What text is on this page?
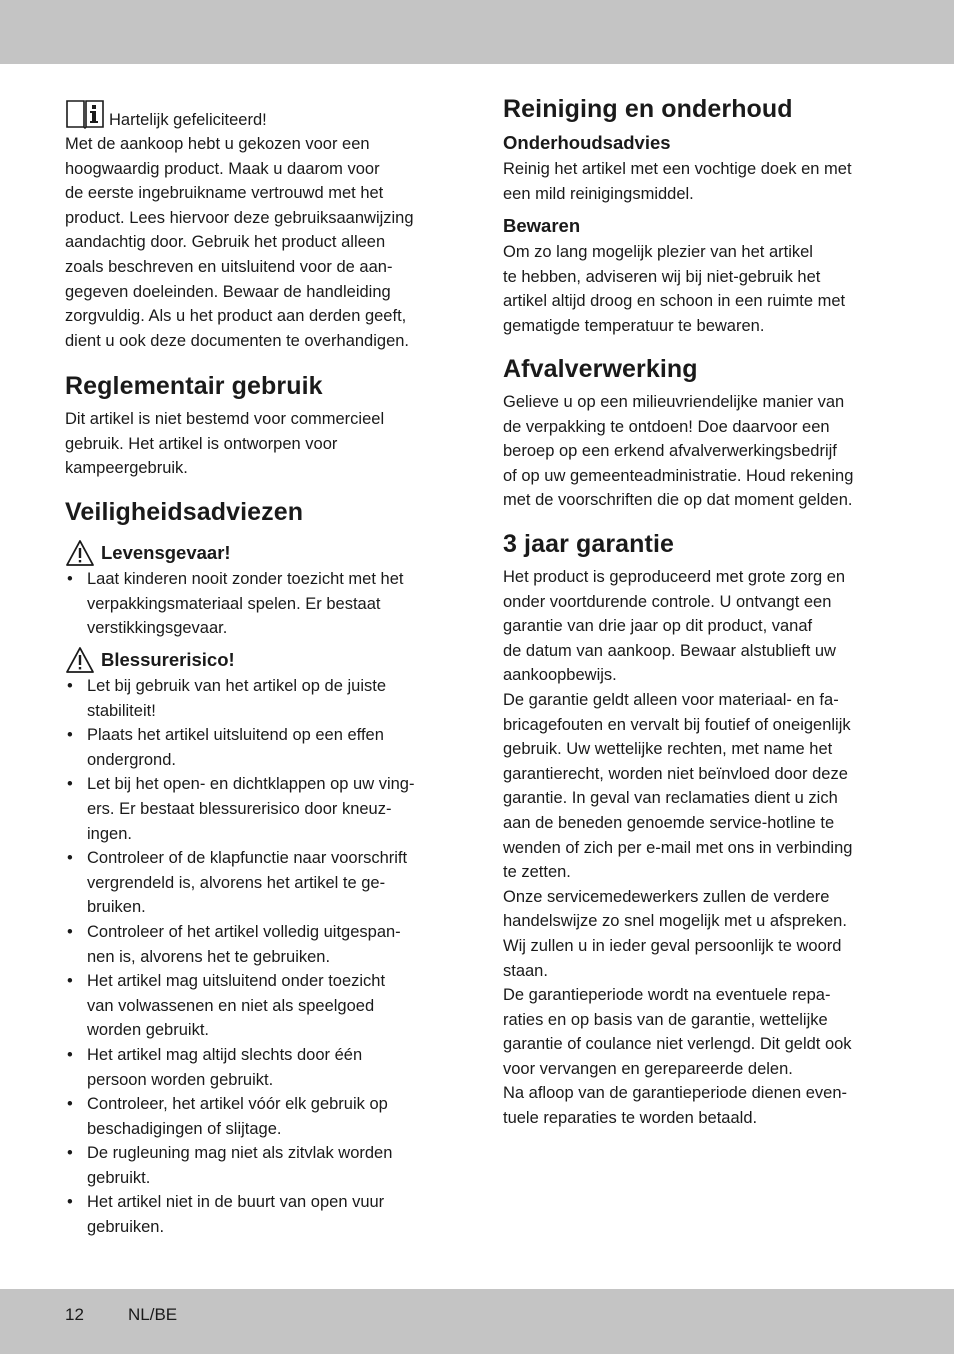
Hartelijk gefeliciteerd!
Met de aankoop hebt u gekozen voor een
hoogwaardig product. Maak u daarom voor
de eerste ingebruikname vertrouwd met het
product. Lees hiervoor deze gebruiksaanwijzing
aandachtig door. Gebruik het product alleen
zoals beschreven en uitsluitend voor de aan-
gegeven doeleinden. Bewaar de handleiding
zorgvuldig. Als u het product aan derden geeft,
dient u ook deze documenten te overhandigen.
Reglementair gebruik
Dit artikel is niet bestemd voor commercieel
gebruik. Het artikel is ontworpen voor
kampeergebruik.
Veiligheidsadviezen
Levensgevaar!
• Laat kinderen nooit zonder toezicht met het
verpakkingsmateriaal spelen. Er bestaat
verstikkingsgevaar.
Blessurerisico!
• Let bij gebruik van het artikel op de juiste
stabiliteit!
• Plaats het artikel uitsluitend op een effen
ondergrond.
• Let bij het open- en dichtklappen op uw ving-
ers. Er bestaat blessurerisico door kneuz-
ingen.
• Controleer of de klapfunctie naar voorschrift
vergrendeld is, alvorens het artikel te ge-
bruiken.
• Controleer of het artikel volledig uitgespan-
nen is, alvorens het te gebruiken.
• Het artikel mag uitsluitend onder toezicht
van volwassenen en niet als speelgoed
worden gebruikt.
• Het artikel mag altijd slechts door één
persoon worden gebruikt.
• Controleer, het artikel vóór elk gebruik op
beschadigingen of slijtage.
• De rugleuning mag niet als zitvlak worden
gebruikt.
• Het artikel niet in de buurt van open vuur
gebruiken.
Reiniging en onderhoud
Onderhoudsadvies
Reinig het artikel met een vochtige doek en met
een mild reinigingsmiddel.
Bewaren
Om zo lang mogelijk plezier van het artikel
te hebben, adviseren wij bij niet-gebruik het
artikel altijd droog en schoon in een ruimte met
gematigde temperatuur te bewaren.
Afvalverwerking
Gelieve u op een milieuvriendelijke manier van
de verpakking te ontdoen! Doe daarvoor een
beroep op een erkend afvalverwerkingsbedrijf
of op uw gemeenteadministratie. Houd rekening
met de voorschriften die op dat moment gelden.
3 jaar garantie
Het product is geproduceerd met grote zorg en
onder voortdurende controle. U ontvangt een
garantie van drie jaar op dit product, vanaf
de datum van aankoop. Bewaar alstublieft uw
aankoopbewijs.
De garantie geldt alleen voor materiaal- en fa-
bricagefouten en vervalt bij foutief of oneigenlijk
gebruik. Uw wettelijke rechten, met name het
garantierecht, worden niet beïnvloed door deze
garantie. In geval van reclamaties dient u zich
aan de beneden genoemde service-hotline te
wenden of zich per e-mail met ons in verbinding
te zetten.
Onze servicemedewerkers zullen de verdere
handelswijze zo snel mogelijk met u afspreken.
Wij zullen u in ieder geval persoonlijk te woord
staan.
De garantieperiode wordt na eventuele repa-
raties en op basis van de garantie, wettelijke
garantie of coulance niet verlengd. Dit geldt ook
voor vervangen en gerepareerde delen.
Na afloop van de garantieperiode dienen even-
tuele reparaties te worden betaald.
12	NL/BE
